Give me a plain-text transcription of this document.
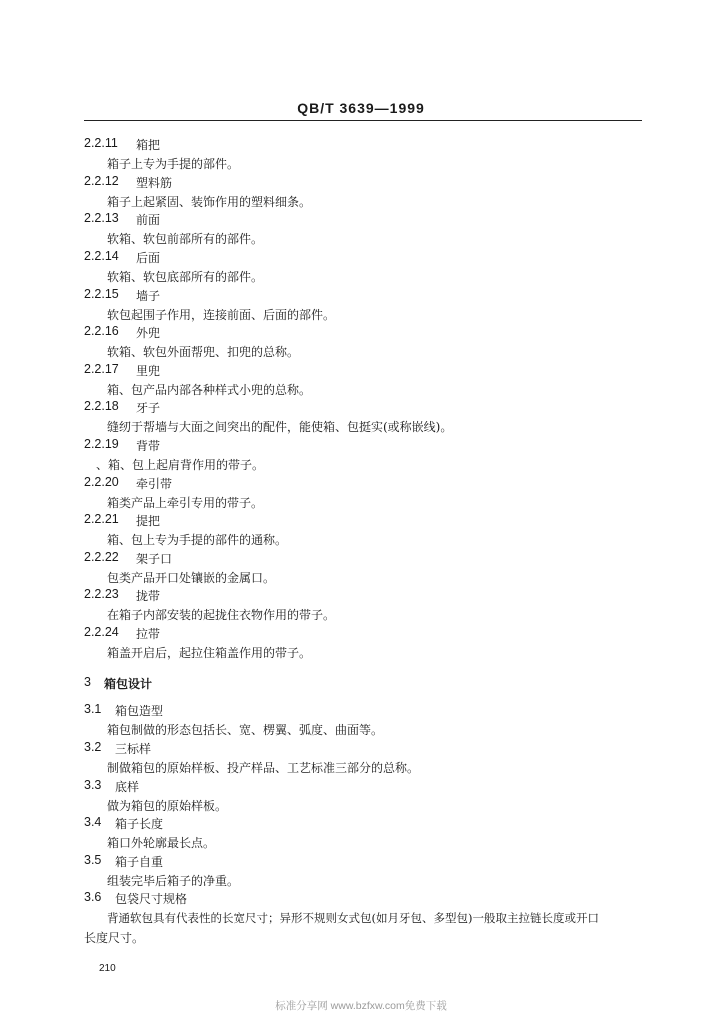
QB/T 3639—1999
2.2.11 箱把
箱子上专为手提的部件。
2.2.12 塑料筋
箱子上起紧固、装饰作用的塑料细条。
2.2.13 前面
软箱、软包前部所有的部件。
2.2.14 后面
软箱、软包底部所有的部件。
2.2.15 墙子
软包起围子作用，连接前面、后面的部件。
2.2.16 外兜
软箱、软包外面帮兜、扣兜的总称。
2.2.17 里兜
箱、包产品内部各种样式小兜的总称。
2.2.18 牙子
缝纫于帮墙与大面之间突出的配件，能使箱、包挺实(或称嵌线)。
2.2.19 背带
、箱、包上起肩背作用的带子。
2.2.20 牵引带
箱类产品上牵引专用的带子。
2.2.21 提把
箱、包上专为手提的部件的通称。
2.2.22 架子口
包类产品开口处镶嵌的金属口。
2.2.23 拢带
在箱子内部安装的起拢住衣物作用的带子。
2.2.24 拉带
箱盖开启后，起拉住箱盖作用的带子。
3 箱包设计
3.1 箱包造型
箱包制做的形态包括长、宽、楞翼、弧度、曲面等。
3.2 三标样
制做箱包的原始样板、投产样品、工艺标准三部分的总称。
3.3 底样
做为箱包的原始样板。
3.4 箱子长度
箱口外轮廓最长点。
3.5 箱子自重
组装完毕后箱子的净重。
3.6 包袋尺寸规格
背通软包具有代表性的长宽尺寸；异形不规则女式包(如月牙包、多型包)一般取主拉链长度或开口
长度尺寸。
210
标准分享网 www.bzfxw.com免费下载
